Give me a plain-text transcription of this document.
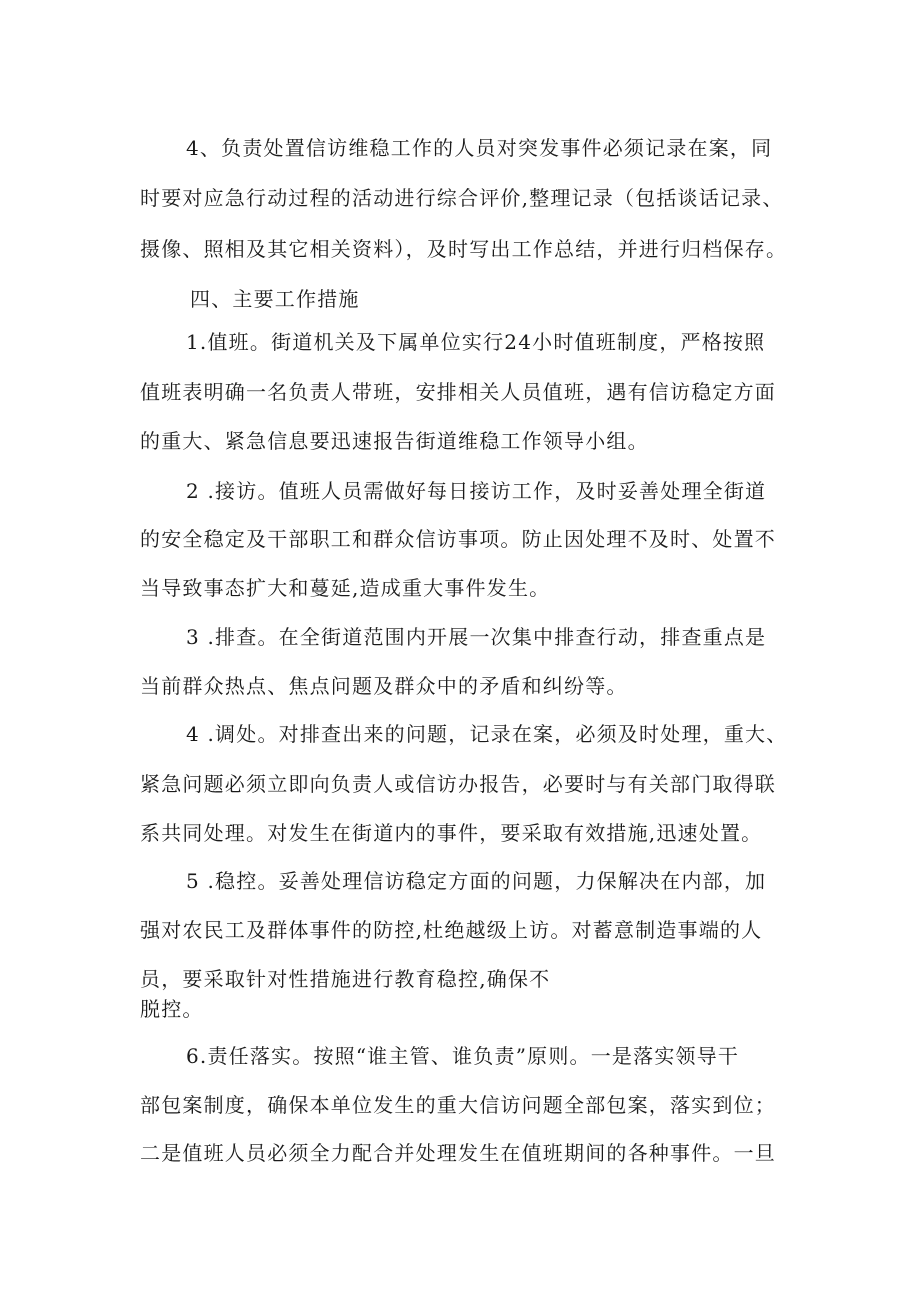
4、负责处置信访维稳工作的人员对突发事件必须记录在案，同
时要对应急行动过程的活动进行综合评价,整理记录（包括谈话记录、
摄像、照相及其它相关资料），及时写出工作总结，并进行归档保存。
四、主要工作措施
1.值班。街道机关及下属单位实行24小时值班制度，严格按照
值班表明确一名负责人带班，安排相关人员值班，遇有信访稳定方面
的重大、紧急信息要迅速报告街道维稳工作领导小组。
2 .接访。值班人员需做好每日接访工作，及时妥善处理全街道
的安全稳定及干部职工和群众信访事项。防止因处理不及时、处置不
当导致事态扩大和蔓延,造成重大事件发生。
3 .排查。在全街道范围内开展一次集中排查行动，排查重点是
当前群众热点、焦点问题及群众中的矛盾和纠纷等。
4 .调处。对排查出来的问题，记录在案，必须及时处理，重大、
紧急问题必须立即向负责人或信访办报告，必要时与有关部门取得联
系共同处理。对发生在街道内的事件，要采取有效措施,迅速处置。
5 .稳控。妥善处理信访稳定方面的问题，力保解决在内部，加
强对农民工及群体事件的防控,杜绝越级上访。对蓄意制造事端的人
员，要采取针对性措施进行教育稳控,确保不
脱控。
6.责任落实。按照“谁主管、谁负责”原则。一是落实领导干
部包案制度，确保本单位发生的重大信访问题全部包案，落实到位；
二是值班人员必须全力配合并处理发生在值班期间的各种事件。一旦
